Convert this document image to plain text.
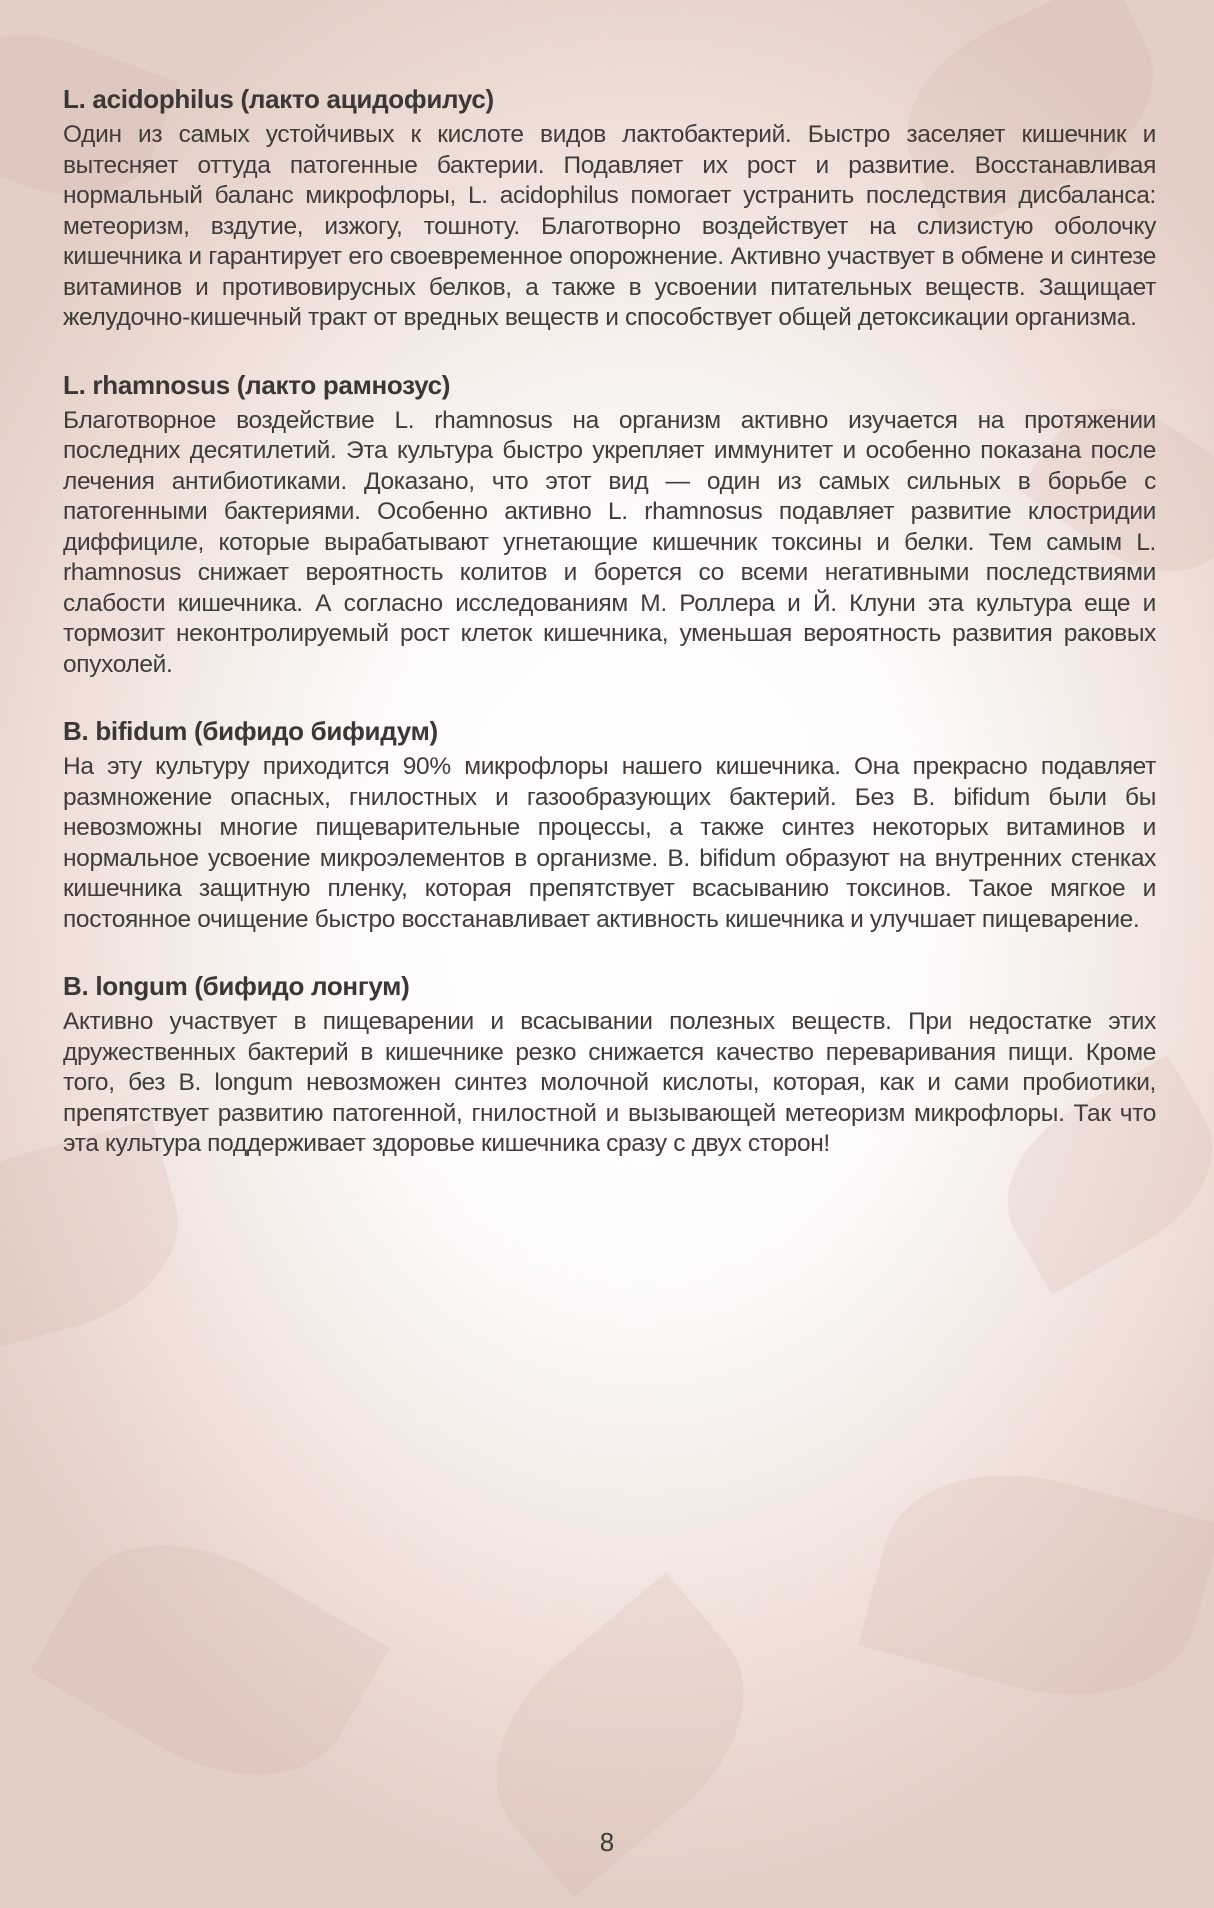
L. acidophilus (лакто ацидофилус)

Один из самых устойчивых к кислоте видов лактобактерий. Быстро заселяет кишечник и вытесняет оттуда патогенные бактерии. Подавляет их рост и развитие. Восстанавливая нормальный баланс микрофлоры, L. acidophilus помогает устранить последствия дисбаланса: метеоризм, вздутие, изжогу, тошноту. Благотворно воздействует на слизистую оболочку кишечника и гарантирует его своевременное опорожнение. Активно участвует в обмене и синтезе витаминов и противовирусных белков, а также в усвоении питательных веществ. Защищает желудочно-кишечный тракт от вредных веществ и способствует общей детоксикации организма.

L. rhamnosus (лакто рамнозус)

Благотворное воздействие L. rhamnosus на организм активно изучается на протяжении последних десятилетий. Эта культура быстро укрепляет иммунитет и особенно показана после лечения антибиотиками. Доказано, что этот вид — один из самых сильных в борьбе с патогенными бактериями. Особенно активно L. rhamnosus подавляет развитие клостридии диффициле, которые вырабатывают угнетающие кишечник токсины и белки. Тем самым L. rhamnosus снижает вероятность колитов и борется со всеми негативными последствиями слабости кишечника. А согласно исследованиям М. Роллера и Й. Клуни эта культура еще и тормозит неконтролируемый рост клеток кишечника, уменьшая вероятность развития раковых опухолей.

B. bifidum (бифидо бифидум)

На эту культуру приходится 90% микрофлоры нашего кишечника. Она прекрасно подавляет размножение опасных, гнилостных и газообразующих бактерий. Без B. bifidum были бы невозможны многие пищеварительные процессы, а также синтез некоторых витаминов и нормальное усвоение микроэлементов в организме. B. bifidum образуют на внутренних стенках кишечника защитную пленку, которая препятствует всасыванию токсинов. Такое мягкое и постоянное очищение быстро восстанавливает активность кишечника и улучшает пищеварение.

B. longum (бифидо лонгум)

Активно участвует в пищеварении и всасывании полезных веществ. При недостатке этих дружественных бактерий в кишечнике резко снижается качество переваривания пищи. Кроме того, без B. longum невозможен синтез молочной кислоты, которая, как и сами пробиотики, препятствует развитию патогенной, гнилостной и вызывающей метеоризм микрофлоры. Так что эта культура поддерживает здоровье кишечника сразу с двух сторон!

8
